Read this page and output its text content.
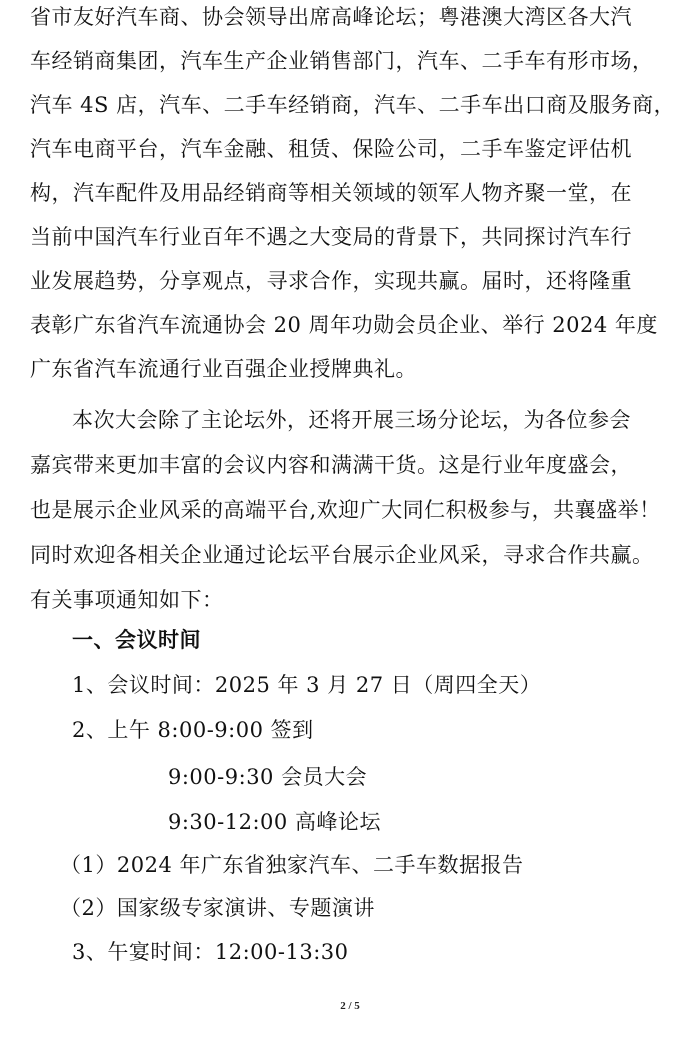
省市友好汽车商、协会领导出席高峰论坛；粤港澳大湾区各大汽
车经销商集团，汽车生产企业销售部门，汽车、二手车有形市场，
汽车 4S 店，汽车、二手车经销商，汽车、二手车出口商及服务商，
汽车电商平台，汽车金融、租赁、保险公司，二手车鉴定评估机
构，汽车配件及用品经销商等相关领域的领军人物齐聚一堂，在
当前中国汽车行业百年不遇之大变局的背景下，共同探讨汽车行
业发展趋势，分享观点，寻求合作，实现共赢。届时，还将隆重
表彰广东省汽车流通协会 20 周年功勋会员企业、举行 2024 年度
广东省汽车流通行业百强企业授牌典礼。
本次大会除了主论坛外，还将开展三场分论坛，为各位参会
嘉宾带来更加丰富的会议内容和满满干货。这是行业年度盛会，
也是展示企业风采的高端平台,欢迎广大同仁积极参与，共襄盛举！
同时欢迎各相关企业通过论坛平台展示企业风采，寻求合作共赢。
有关事项通知如下：
一、会议时间
1、会议时间：2025 年 3 月 27 日（周四全天）
2、上午 8:00-9:00 签到
9:00-9:30 会员大会
9:30-12:00 高峰论坛
（1）2024 年广东省独家汽车、二手车数据报告
（2）国家级专家演讲、专题演讲
3、午宴时间：12:00-13:30
2 / 5
